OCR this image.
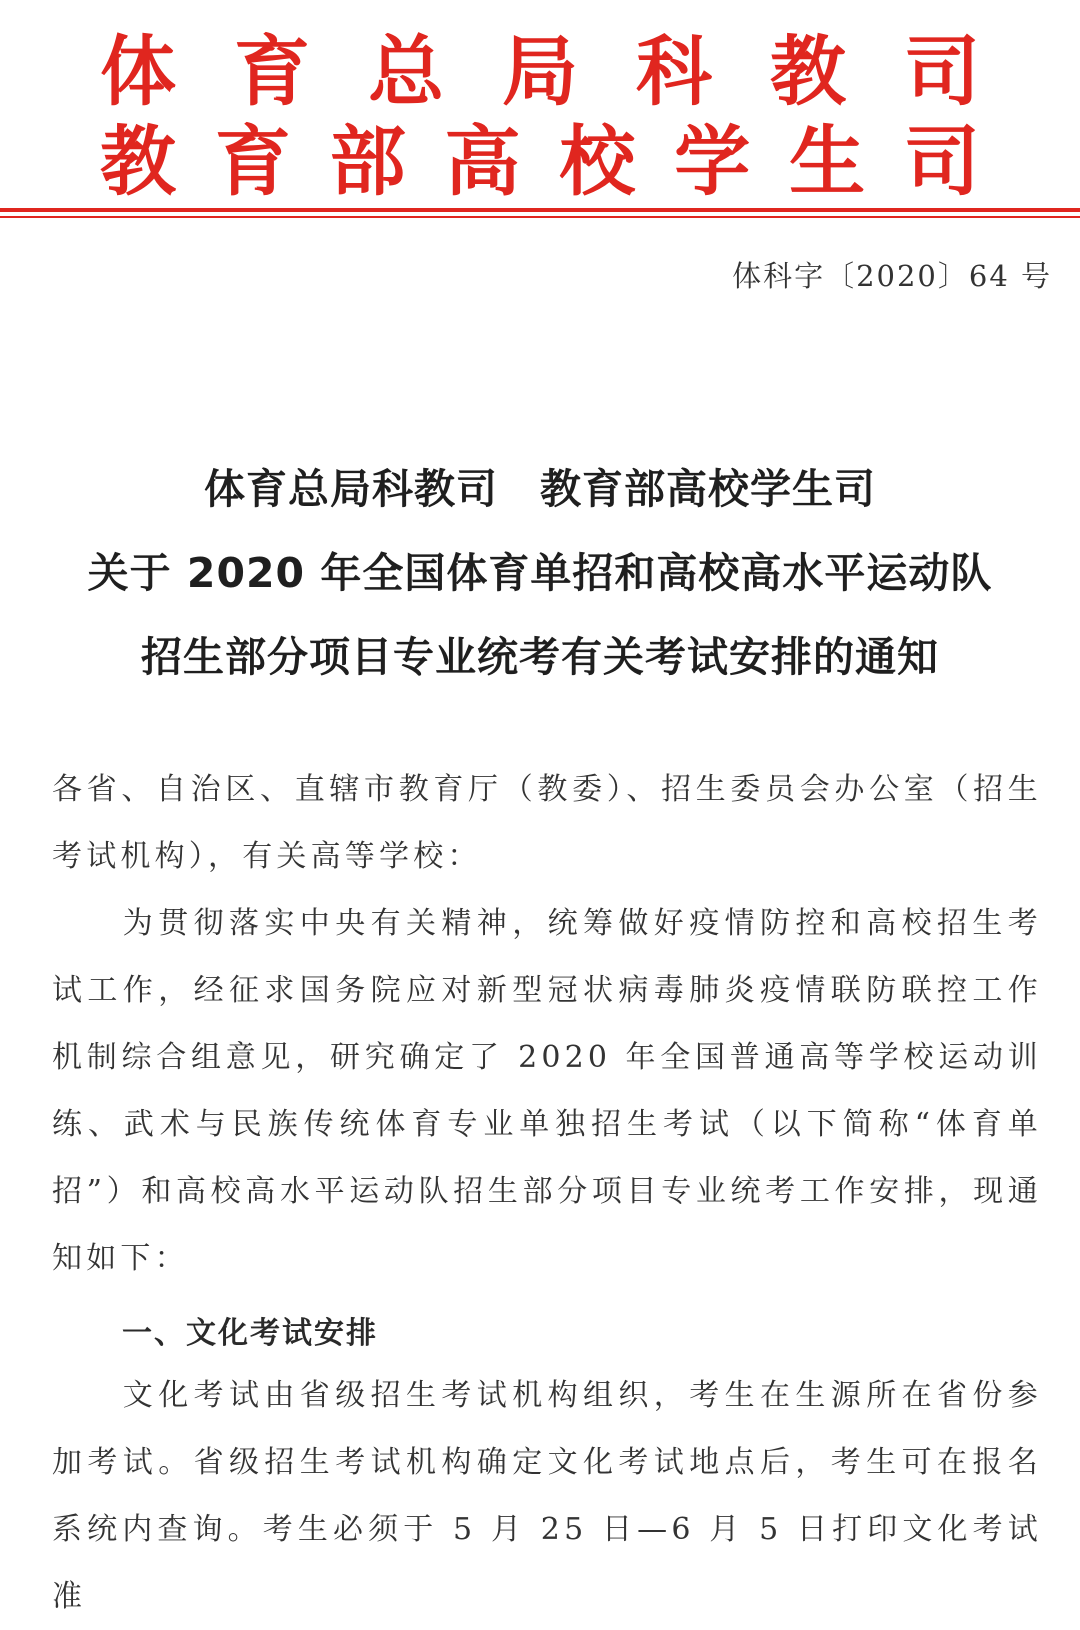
体 育 总 局 科 教 司
教 育 部 高 校 学 生 司
体科字〔2020〕64 号
体育总局科教司　教育部高校学生司
关于 2020 年全国体育单招和高校高水平运动队
招生部分项目专业统考有关考试安排的通知
各省、自治区、直辖市教育厅（教委）、招生委员会办公室（招生考试机构），有关高等学校：
　　为贯彻落实中央有关精神，统筹做好疫情防控和高校招生考试工作，经征求国务院应对新型冠状病毒肺炎疫情联防联控工作机制综合组意见，研究确定了 2020 年全国普通高等学校运动训练、武术与民族传统体育专业单独招生考试（以下简称“体育单招”）和高校高水平运动队招生部分项目专业统考工作安排，现通知如下：
一、文化考试安排
　　文化考试由省级招生考试机构组织，考生在生源所在省份参加考试。省级招生考试机构确定文化考试地点后，考生可在报名系统内查询。考生必须于 5 月 25 日—6 月 5 日打印文化考试准
